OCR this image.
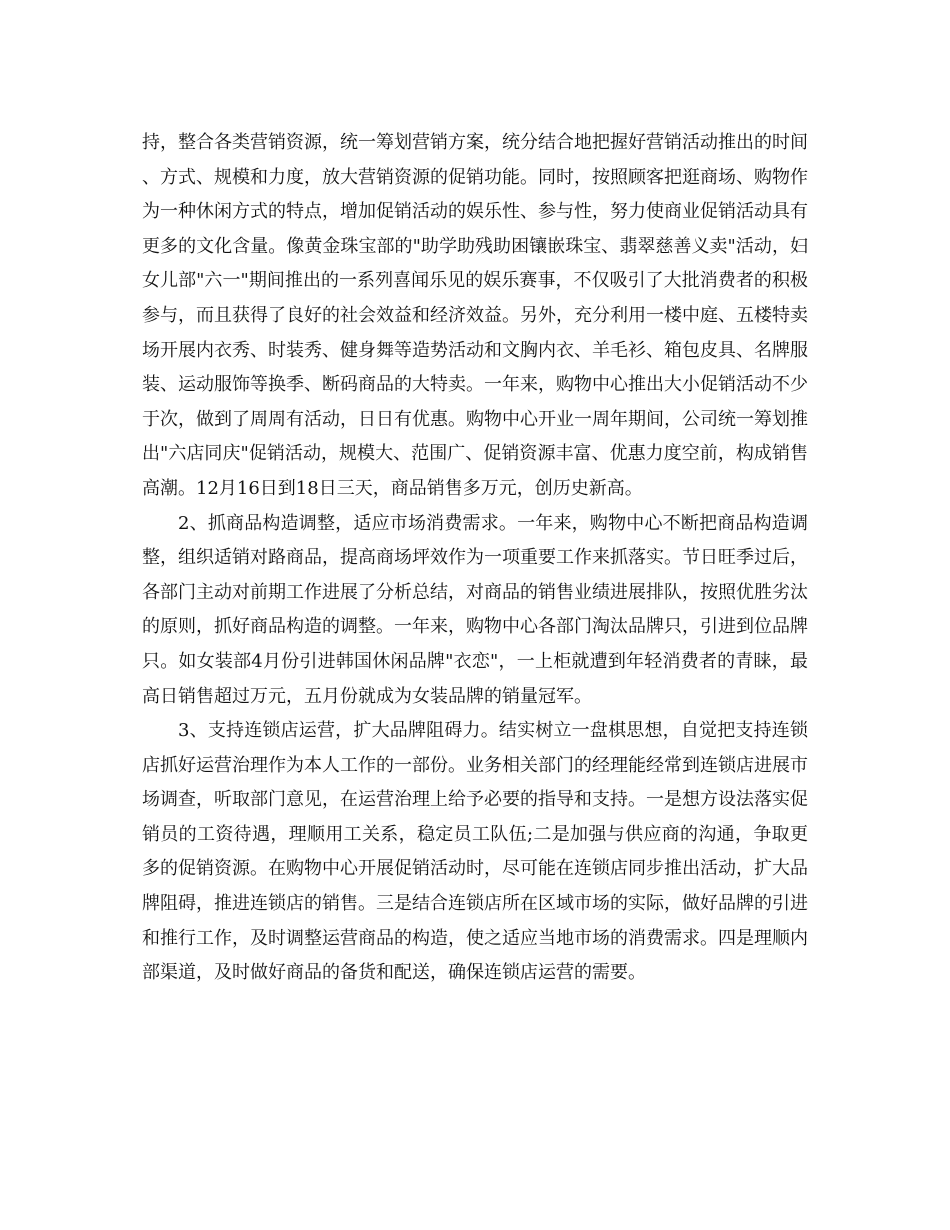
持，整合各类营销资源，统一筹划营销方案，统分结合地把握好营销活动推出的时间、方式、规模和力度，放大营销资源的促销功能。同时，按照顾客把逛商场、购物作为一种休闲方式的特点，增加促销活动的娱乐性、参与性，努力使商业促销活动具有更多的文化含量。像黄金珠宝部的"助学助残助困镶嵌珠宝、翡翠慈善义卖"活动，妇女儿部"六一"期间推出的一系列喜闻乐见的娱乐赛事，不仅吸引了大批消费者的积极参与，而且获得了良好的社会效益和经济效益。另外，充分利用一楼中庭、五楼特卖场开展内衣秀、时装秀、健身舞等造势活动和文胸内衣、羊毛衫、箱包皮具、名牌服装、运动服饰等换季、断码商品的大特卖。一年来，购物中心推出大小促销活动不少于次，做到了周周有活动，日日有优惠。购物中心开业一周年期间，公司统一筹划推出"六店同庆"促销活动，规模大、范围广、促销资源丰富、优惠力度空前，构成销售高潮。12月16日到18日三天，商品销售多万元，创历史新高。

2、抓商品构造调整，适应市场消费需求。一年来，购物中心不断把商品构造调整，组织适销对路商品，提高商场坪效作为一项重要工作来抓落实。节日旺季过后，各部门主动对前期工作进展了分析总结，对商品的销售业绩进展排队，按照优胜劣汰的原则，抓好商品构造的调整。一年来，购物中心各部门淘汰品牌只，引进到位品牌只。如女装部4月份引进韩国休闲品牌"衣恋"，一上柜就遭到年轻消费者的青睐，最高日销售超过万元，五月份就成为女装品牌的销量冠军。

3、支持连锁店运营，扩大品牌阻碍力。结实树立一盘棋思想，自觉把支持连锁店抓好运营治理作为本人工作的一部份。业务相关部门的经理能经常到连锁店进展市场调查，听取部门意见，在运营治理上给予必要的指导和支持。一是想方设法落实促销员的工资待遇，理顺用工关系，稳定员工队伍;二是加强与供应商的沟通，争取更多的促销资源。在购物中心开展促销活动时，尽可能在连锁店同步推出活动，扩大品牌阻碍，推进连锁店的销售。三是结合连锁店所在区域市场的实际，做好品牌的引进和推行工作，及时调整运营商品的构造，使之适应当地市场的消费需求。四是理顺内部渠道，及时做好商品的备货和配送，确保连锁店运营的需要。
